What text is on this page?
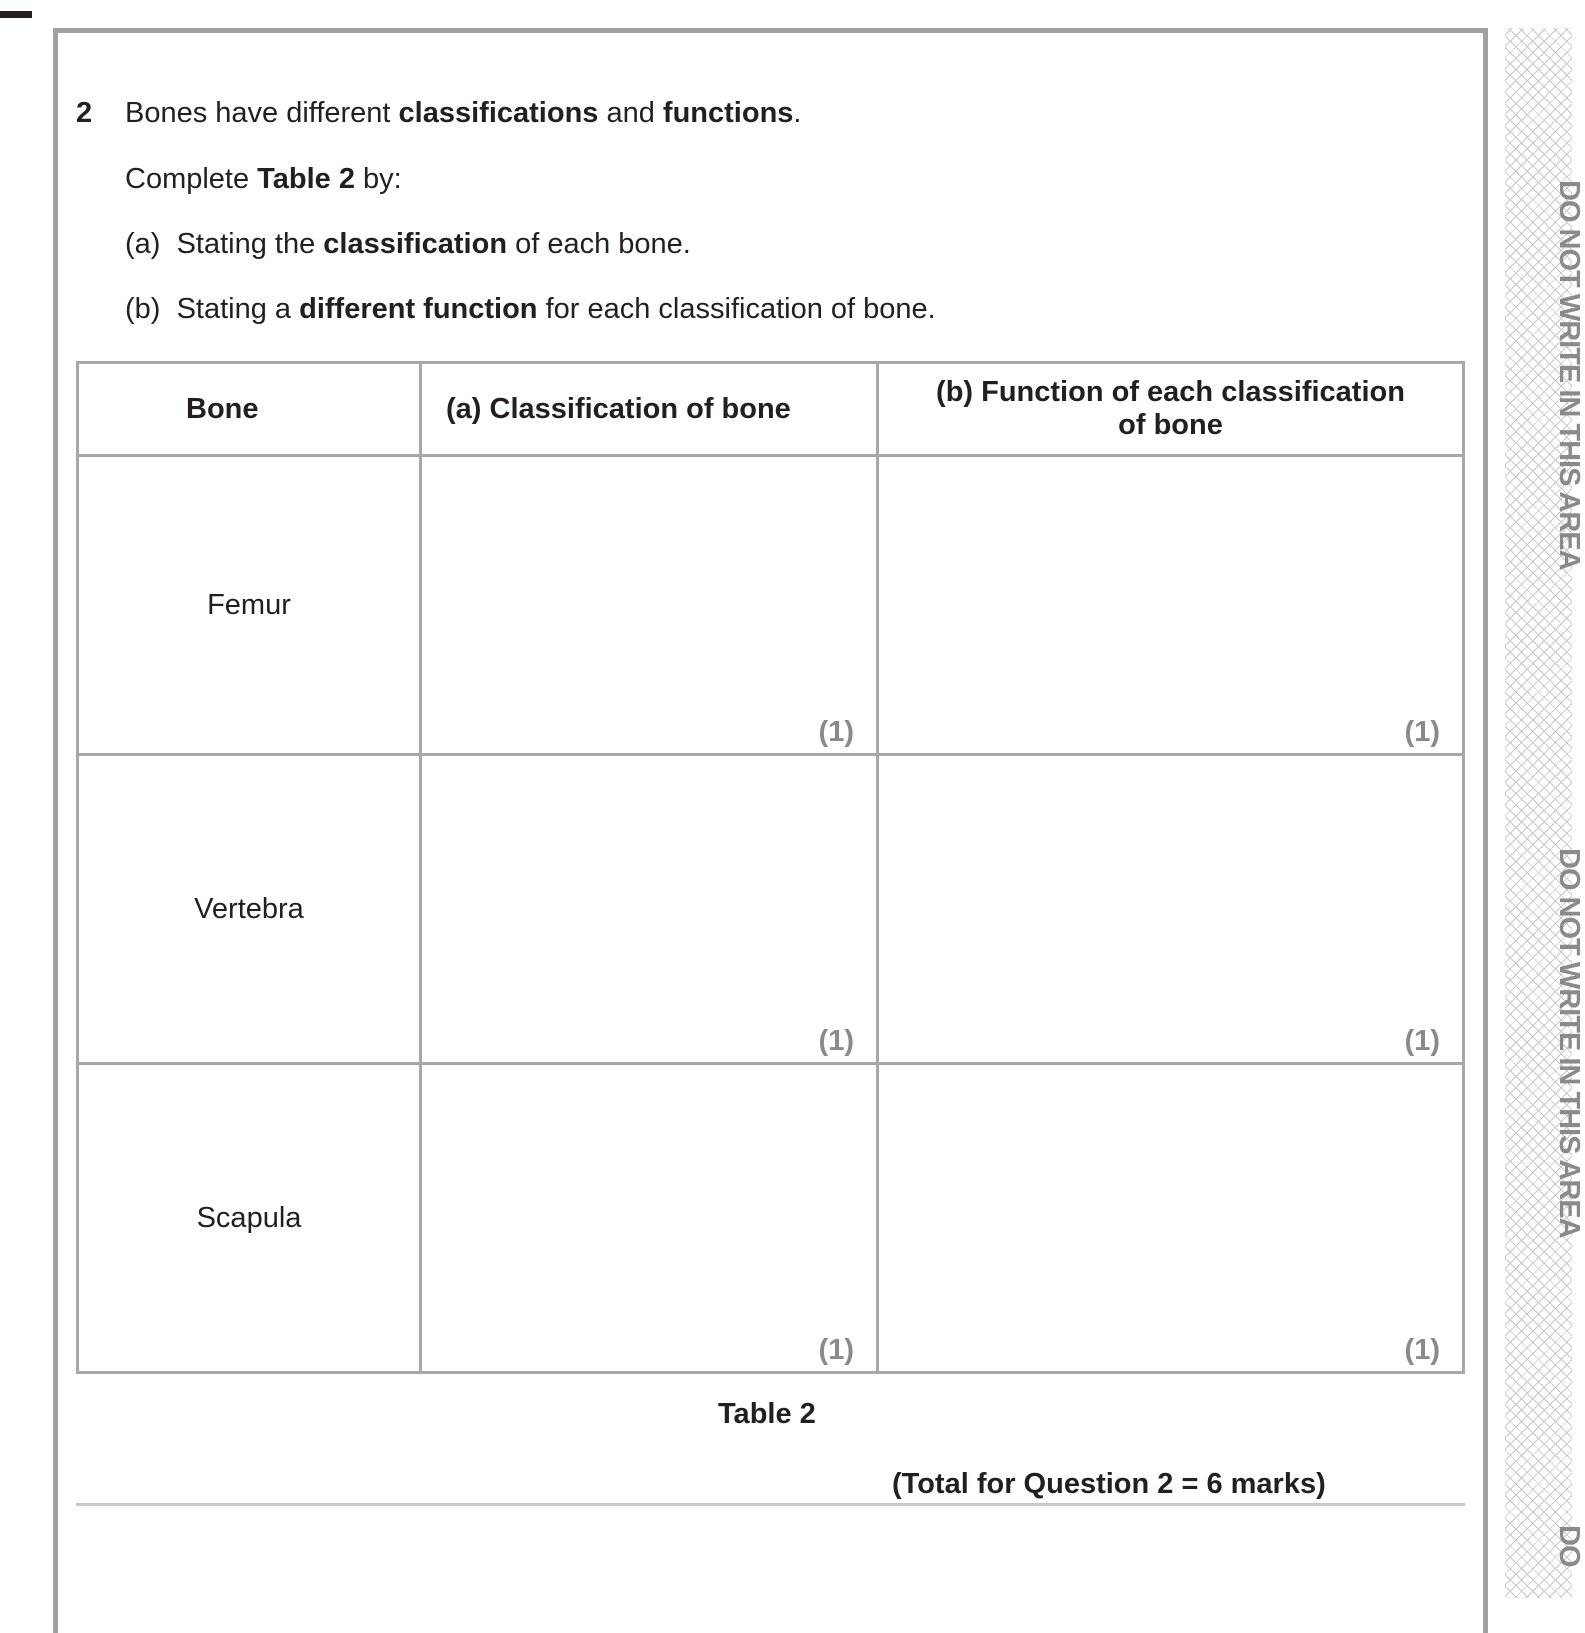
DO NOT WRITE IN THIS AREA
DO NOT WRITE IN THIS AREA
DO
2 Bones have different classifications and functions.
Complete Table 2 by:
(a) Stating the classification of each bone.
(b) Stating a different function for each classification of bone.
Bone	(a) Classification of bone	(b) Function of each classification
of bone
Femur	(1)	(1)

Vertebra	(1)	(1)

Scapula	(1)	(1)
Table 2
(Total for Question 2 = 6 marks)
